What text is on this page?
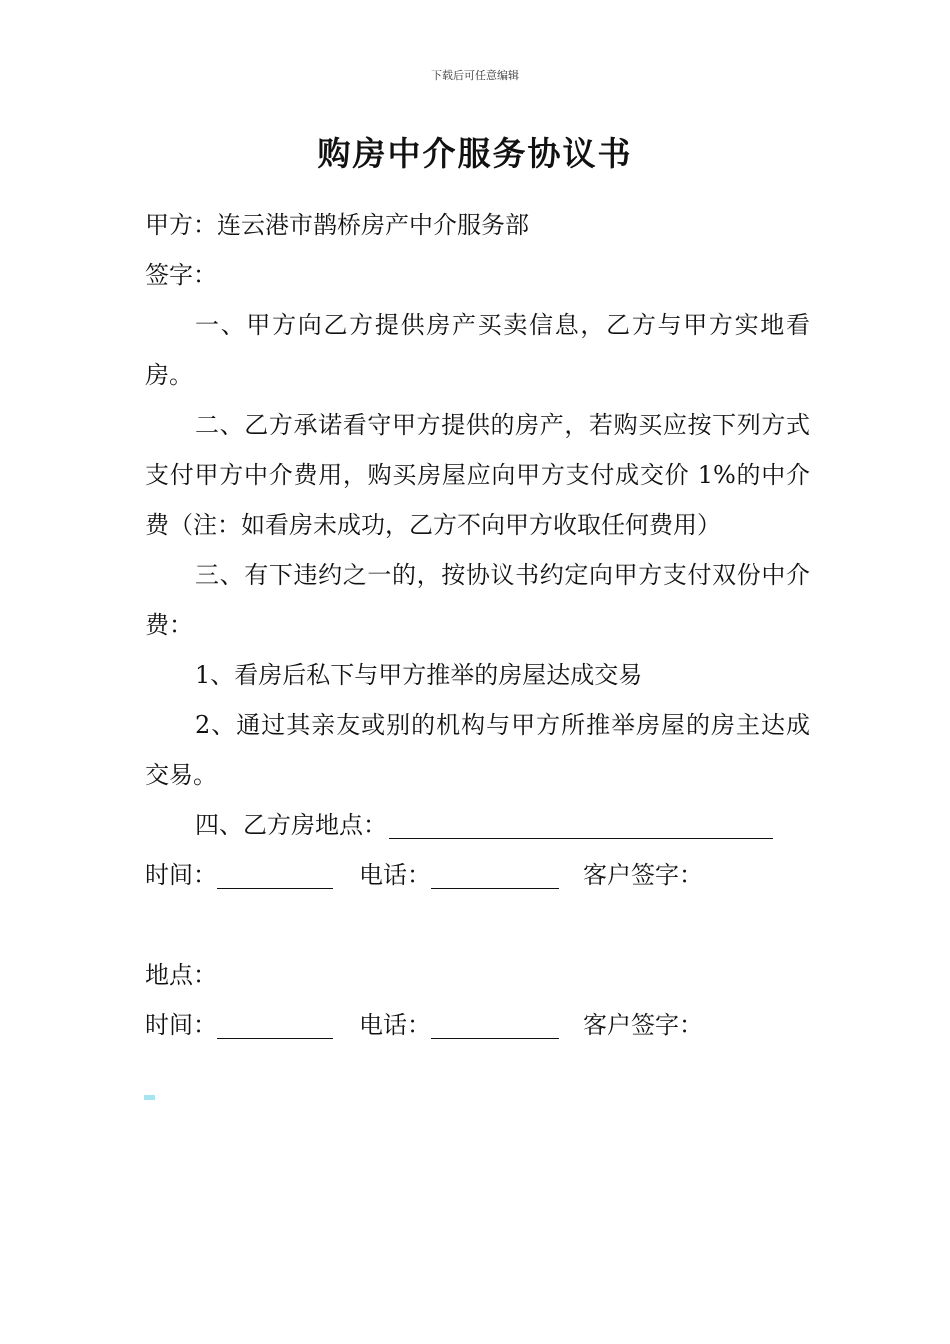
下载后可任意编辑
购房中介服务协议书

甲方：连云港市鹊桥房产中介服务部

签字：

一、甲方向乙方提供房产买卖信息，乙方与甲方实地看房。

二、乙方承诺看守甲方提供的房产，若购买应按下列方式支付甲方中介费用，购买房屋应向甲方支付成交价 1%的中介费（注：如看房未成功，乙方不向甲方收取任何费用）

三、有下违约之一的，按协议书约定向甲方支付双份中介费：

1、看房后私下与甲方推举的房屋达成交易

2、通过其亲友或别的机构与甲方所推举房屋的房主达成交易。

四、乙方房地点：

时间：	电话：	客户签字：

地点：

时间：	电话：	客户签字：
